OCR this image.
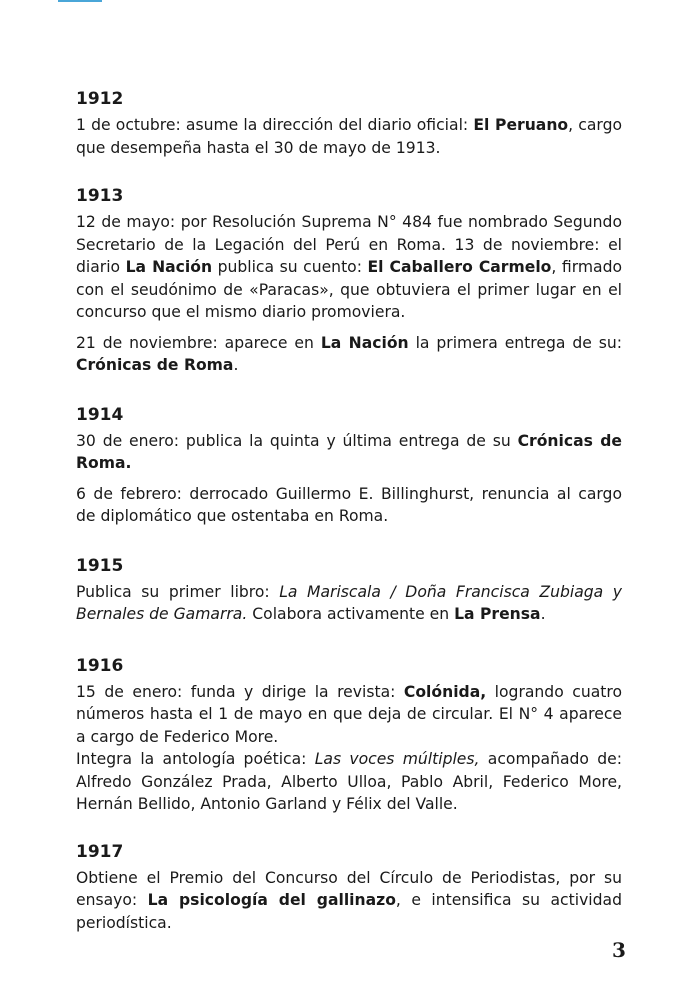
1912

1 de octubre: asume la dirección del diario oficial: El Peruano, cargo que desempeña hasta el 30 de mayo de 1913.

1913

12 de mayo: por Resolución Suprema N° 484 fue nombrado Segundo Secretario de la Legación del Perú en Roma. 13 de noviembre: el diario La Nación publica su cuento: El Caballero Carmelo, firmado con el seudónimo de «Paracas», que obtuviera el primer lugar en el concurso que el mismo diario promoviera.

21 de noviembre: aparece en La Nación la primera entrega de su: Crónicas de Roma.

1914

30 de enero: publica la quinta y última entrega de su Crónicas de Roma.

6 de febrero: derrocado Guillermo E. Billinghurst, renuncia al cargo de diplomático que ostentaba en Roma.

1915

Publica su primer libro: La Mariscala / Doña Francisca Zubiaga y Bernales de Gamarra. Colabora activamente en La Prensa.

1916

15 de enero: funda y dirige la revista: Colónida, logrando cuatro números hasta el 1 de mayo en que deja de circular. El N° 4 aparece a cargo de Federico More.

Integra la antología poética: Las voces múltiples, acompañado de: Alfredo González Prada, Alberto Ulloa, Pablo Abril, Federico More, Hernán Bellido, Antonio Garland y Félix del Valle.

1917

Obtiene el Premio del Concurso del Círculo de Periodistas, por su ensayo: La psicología del gallinazo, e intensifica su actividad periodística.

3
